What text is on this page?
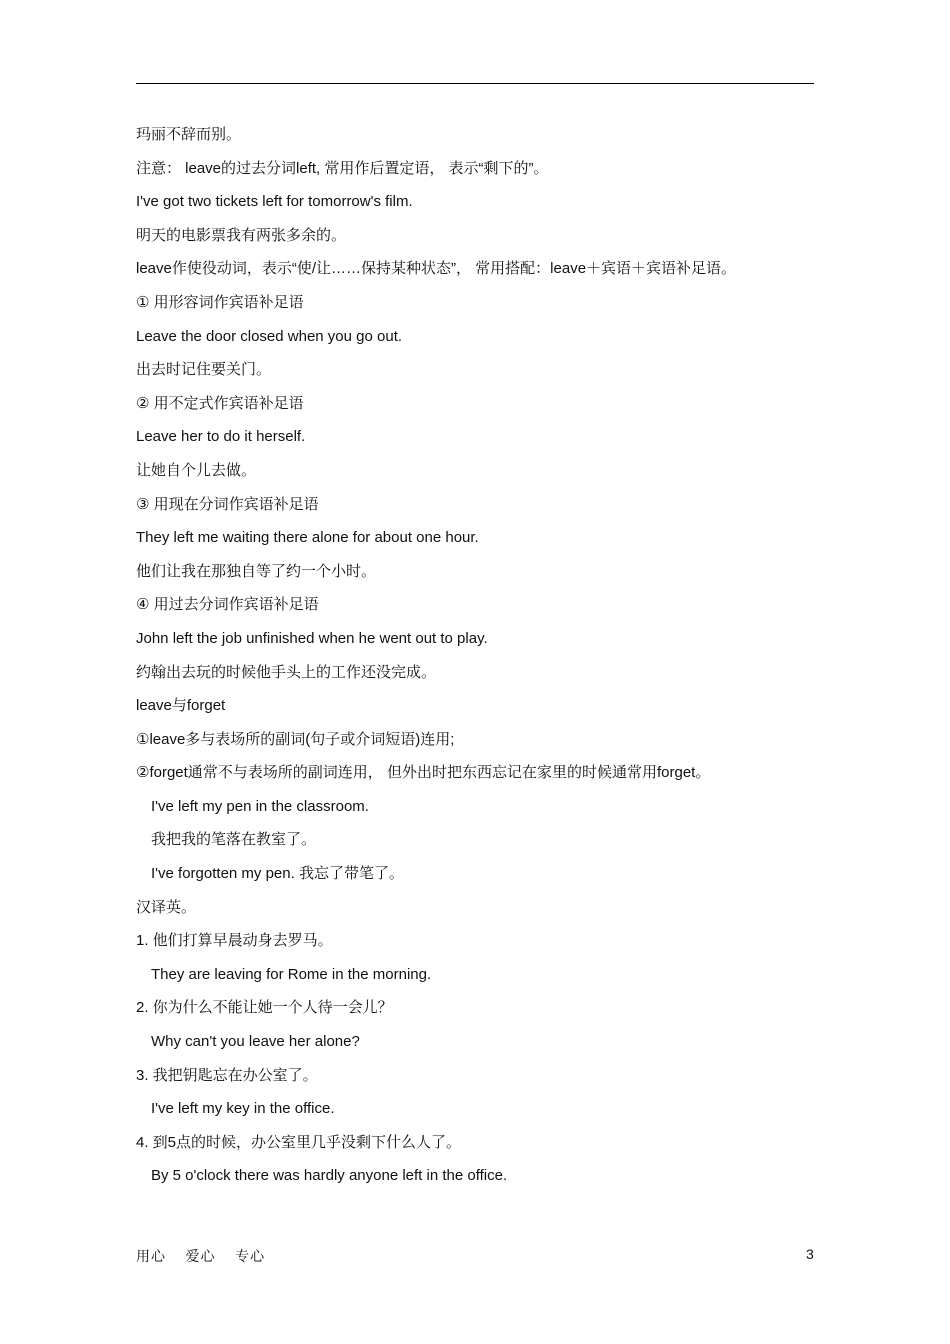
玛丽不辞而别。
注意： leave的过去分词left, 常用作后置定语， 表示“剩下的”。
I've got two tickets left for tomorrow's film.
明天的电影票我有两张多余的。
leave作使役动词，表示“使/让……保持某种状态”， 常用搭配：leave＋宾语＋宾语补足语。
① 用形容词作宾语补足语
Leave the door closed when you go out.
出去时记住要关门。
② 用不定式作宾语补足语
Leave her to do it herself.
让她自个儿去做。
③ 用现在分词作宾语补足语
They left me waiting there alone for about one hour.
他们让我在那独自等了约一个小时。
④ 用过去分词作宾语补足语
John left the job unfinished when he went out to play.
约翰出去玩的时候他手头上的工作还没完成。
leave与forget
①leave多与表场所的副词(句子或介词短语)连用;
②forget通常不与表场所的副词连用， 但外出时把东西忘记在家里的时候通常用forget。
I've left my pen in the classroom.
我把我的笔落在教室了。
I've forgotten my pen. 我忘了带笔了。
汉译英。
1. 他们打算早晨动身去罗马。
They are leaving for Rome in the morning.
2. 你为什么不能让她一个人待一会儿？
Why can't you leave her alone?
3. 我把钥匙忘在办公室了。
I've left my key in the office.
4. 到5点的时候，办公室里几乎没剩下什么人了。
By 5 o'clock there was hardly anyone left in the office.
用心    爱心    专心	3
